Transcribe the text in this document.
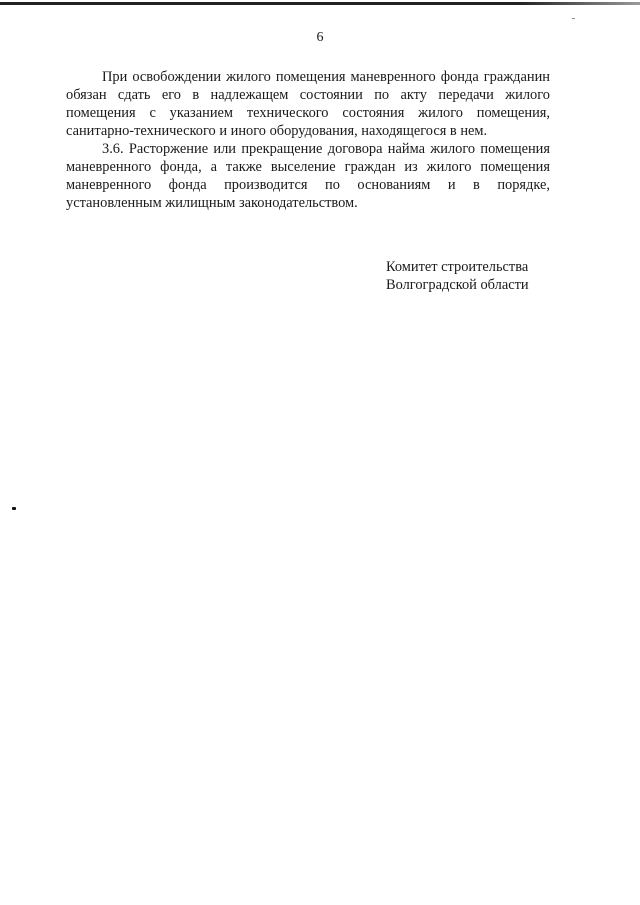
6

При освобождении жилого помещения маневренного фонда гражданин обязан сдать его в надлежащем состоянии по акту передачи жилого помещения с указанием технического состояния жилого помещения, санитарно-технического и иного оборудования, находящегося в нем.

3.6. Расторжение или прекращение договора найма жилого помещения маневренного фонда, а также выселение граждан из жилого помещения маневренного фонда производится по основаниям и в порядке, установленным жилищным законодательством.

Комитет строительства
Волгоградской области
